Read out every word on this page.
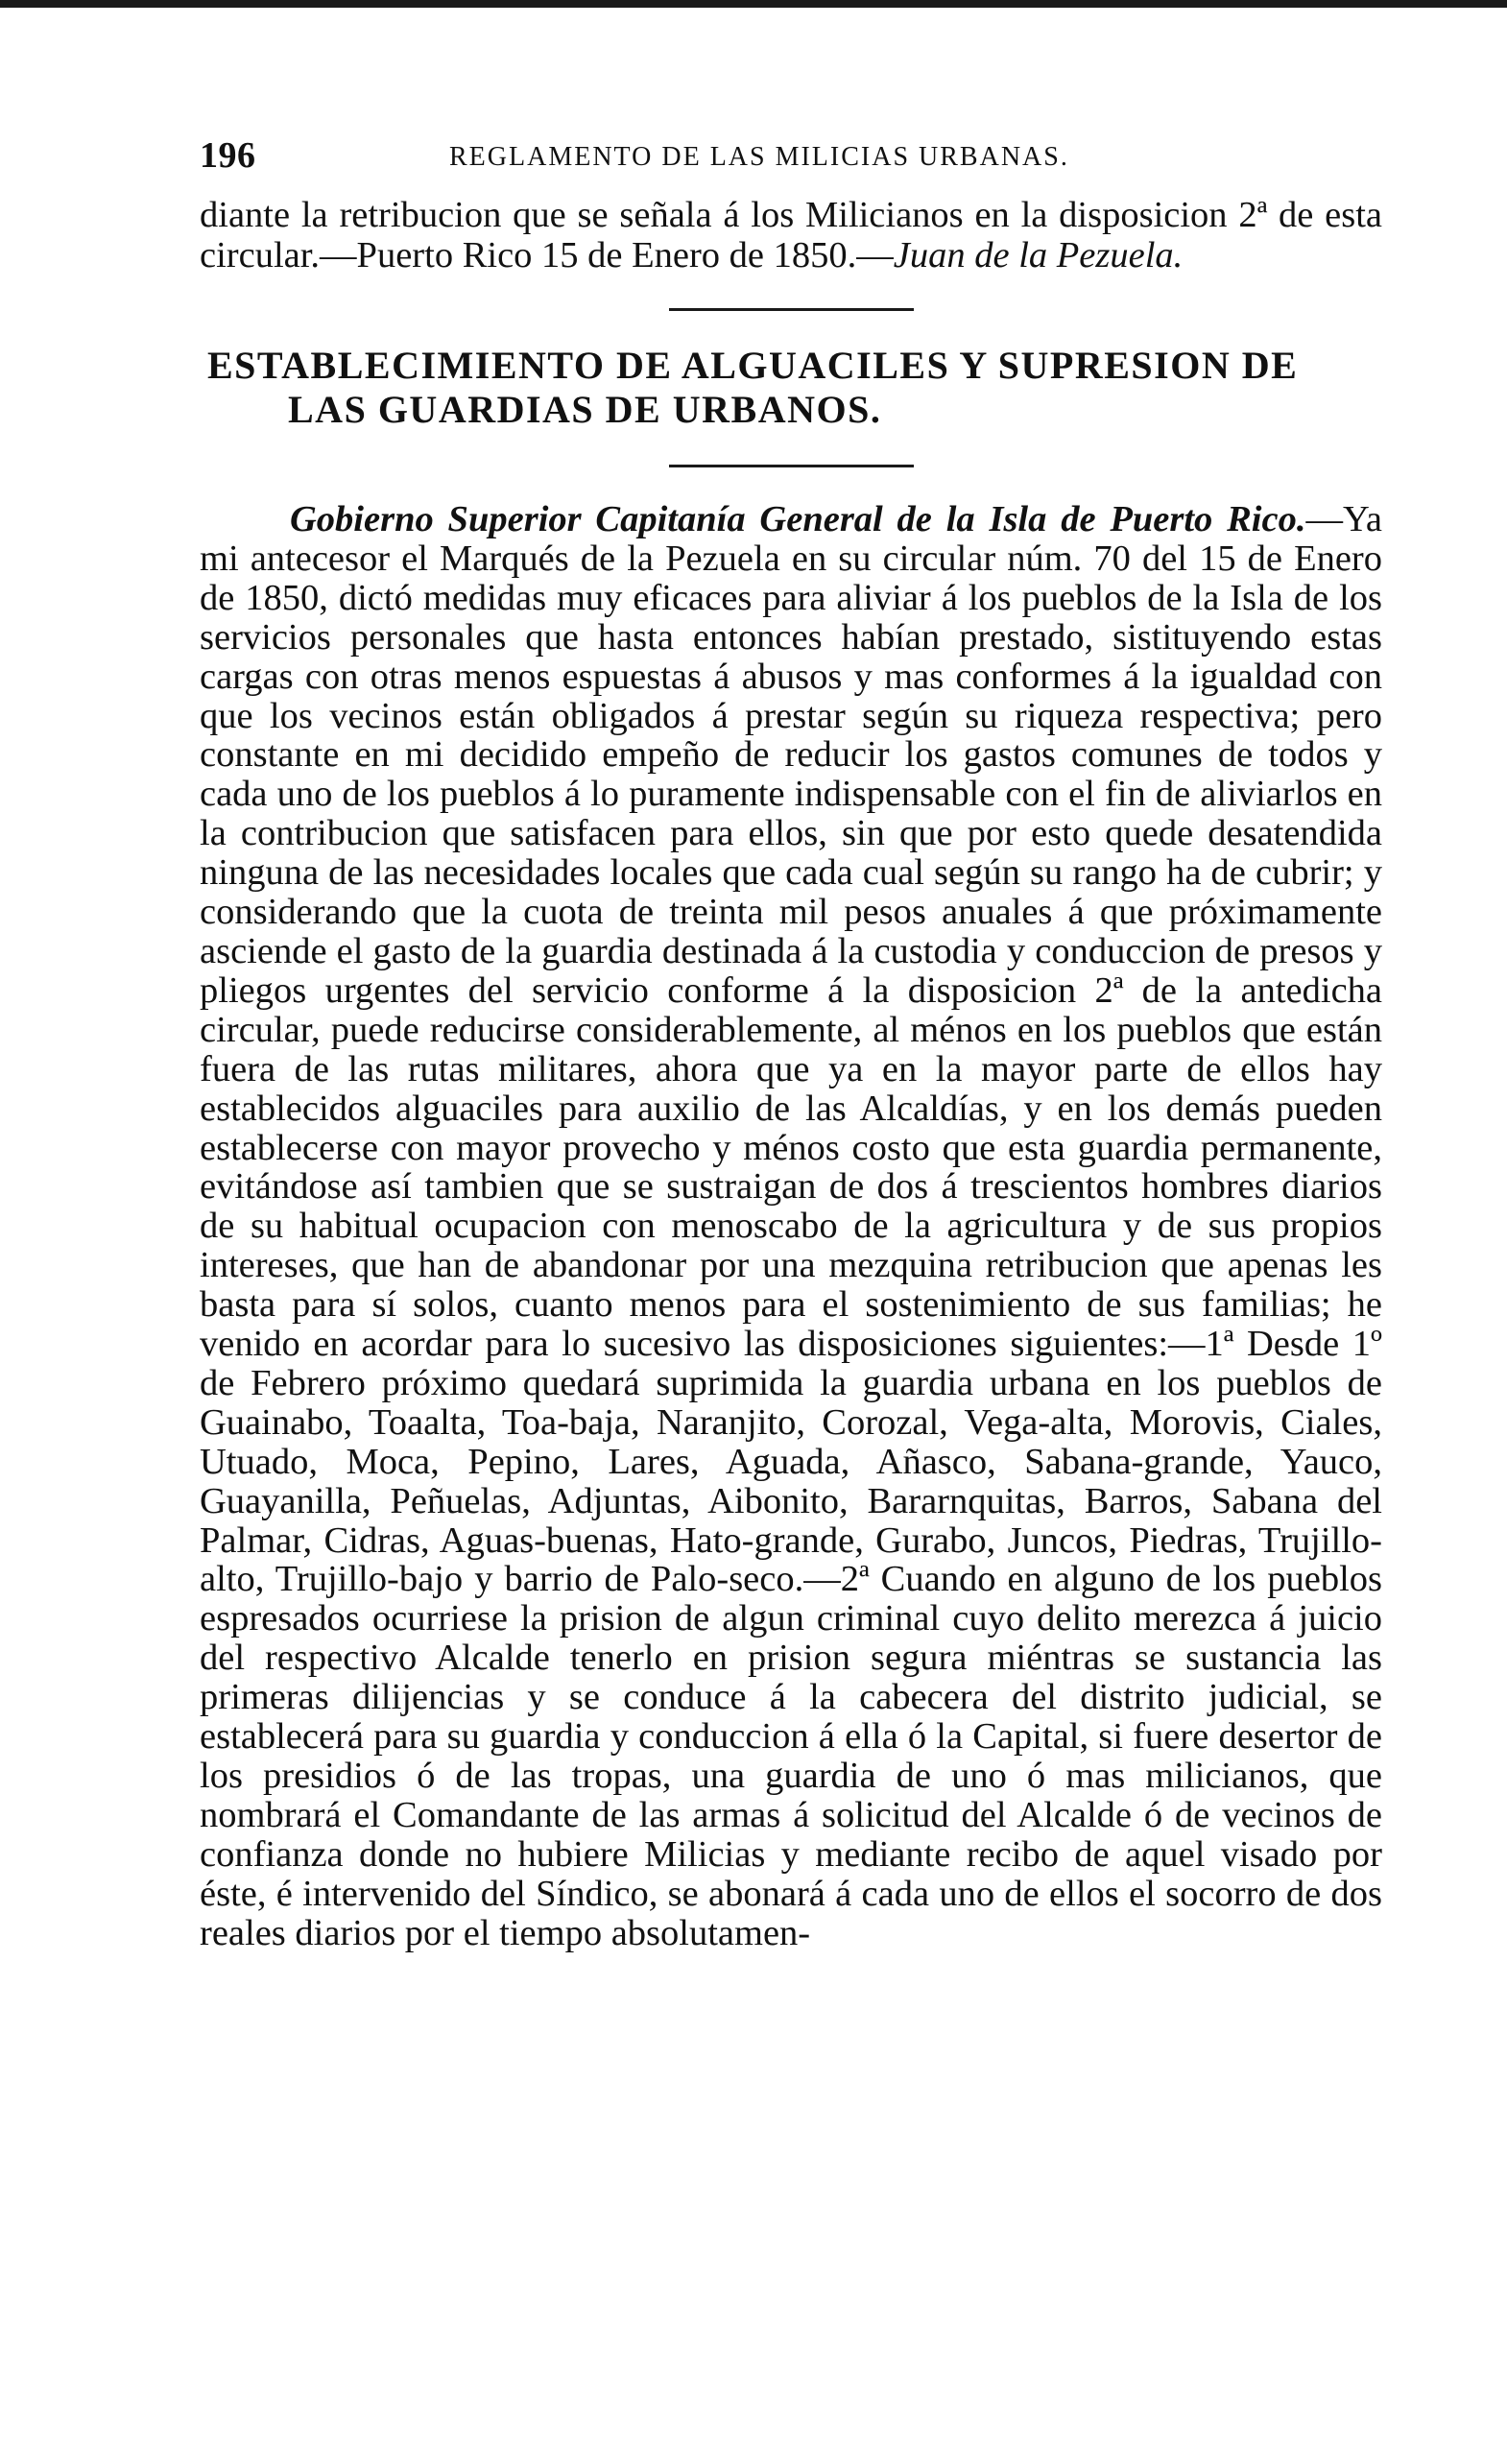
196	REGLAMENTO DE LAS MILICIAS URBANAS.

diante la retribucion que se señala á los Milicianos en la disposicion 2ª de esta circular.—Puerto Rico 15 de Enero de 1850.—Juan de la Pezuela.

ESTABLECIMIENTO DE ALGUACILES Y SUPRESION DE
LAS GUARDIAS DE URBANOS.

Gobierno Superior Capitanía General de la Isla de Puerto Rico.—Ya mi antecesor el Marqués de la Pezuela en su circular núm. 70 del 15 de Enero de 1850, dictó medidas muy eficaces para aliviar á los pueblos de la Isla de los servicios personales que hasta entonces habían prestado, sistituyendo estas cargas con otras menos espuestas á abusos y mas conformes á la igualdad con que los vecinos están obligados á prestar según su riqueza respectiva; pero constante en mi decidido empeño de reducir los gastos comunes de todos y cada uno de los pueblos á lo puramente indispensable con el fin de aliviarlos en la contribucion que satisfacen para ellos, sin que por esto quede desatendida ninguna de las necesidades locales que cada cual según su rango ha de cubrir; y considerando que la cuota de treinta mil pesos anuales á que próximamente asciende el gasto de la guardia destinada á la custodia y conduccion de presos y pliegos urgentes del servicio conforme á la disposicion 2ª de la antedicha circular, puede reducirse considerablemente, al ménos en los pueblos que están fuera de las rutas militares, ahora que ya en la mayor parte de ellos hay establecidos alguaciles para auxilio de las Alcaldías, y en los demás pueden establecerse con mayor provecho y ménos costo que esta guardia permanente, evitándose así tambien que se sustraigan de dos á trescientos hombres diarios de su habitual ocupacion con menoscabo de la agricultura y de sus propios intereses, que han de abandonar por una mezquina retribucion que apenas les basta para sí solos, cuanto menos para el sostenimiento de sus familias; he venido en acordar para lo sucesivo las disposiciones siguientes:—1ª Desde 1º de Febrero próximo quedará suprimida la guardia urbana en los pueblos de Guainabo, Toaalta, Toa-baja, Naranjito, Corozal, Vega-alta, Morovis, Ciales, Utuado, Moca, Pepino, Lares, Aguada, Añasco, Sabana-grande, Yauco, Guayanilla, Peñuelas, Adjuntas, Aibonito, Bararnquitas, Barros, Sabana del Palmar, Cidras, Aguas-buenas, Hato-grande, Gurabo, Juncos, Piedras, Trujillo-alto, Trujillo-bajo y barrio de Palo-seco.—2ª Cuando en alguno de los pueblos espresados ocurriese la prision de algun criminal cuyo delito merezca á juicio del respectivo Alcalde tenerlo en prision segura miéntras se sustancia las primeras dilijencias y se conduce á la cabecera del distrito judicial, se establecerá para su guardia y conduccion á ella ó la Capital, si fuere desertor de los presidios ó de las tropas, una guardia de uno ó mas milicianos, que nombrará el Comandante de las armas á solicitud del Alcalde ó de vecinos de confianza donde no hubiere Milicias y mediante recibo de aquel visado por éste, é intervenido del Síndico, se abonará á cada uno de ellos el socorro de dos reales diarios por el tiempo absolutamen-
